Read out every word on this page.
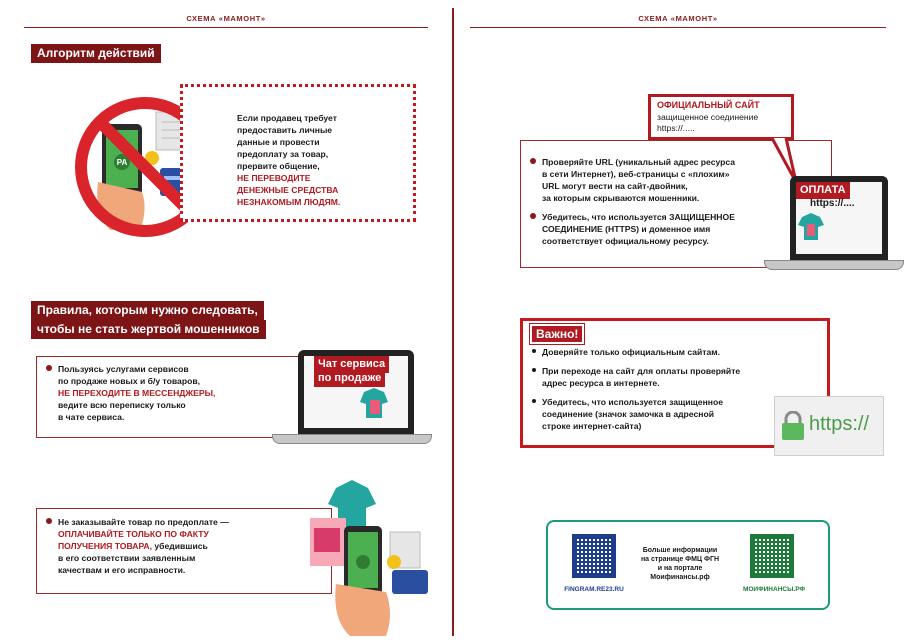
СХЕМА «МАМОНТ»
Алгоритм действий
PA
Если продавец требует
предоставить личные
данные и провести
предоплату за товар,
прервите общение,
НЕ ПЕРЕВОДИТЕ
ДЕНЕЖНЫЕ СРЕДСТВА
НЕЗНАКОМЫМ ЛЮДЯМ.
Правила, которым нужно следовать,
чтобы не стать жертвой мошенников
Пользуясь услугами сервисов
по продаже новых и б/у товаров,
НЕ ПЕРЕХОДИТЕ В МЕССЕНДЖЕРЫ,
ведите всю переписку только
в чате сервиса.
Чат сервиса
по продаже
Не заказывайте товар по предоплате —
ОПЛАЧИВАЙТЕ ТОЛЬКО ПО ФАКТУ
ПОЛУЧЕНИЯ ТОВАРА, убедившись
в его соответствии заявленным
качествам и его исправности.
СХЕМА «МАМОНТ»
Проверяйте URL (уникальный адрес ресурса
в сети Интернет), веб-страницы с «плохим»
URL могут вести на сайт-двойник,
за которым скрываются мошенники.
Убедитесь, что используется ЗАЩИЩЕННОЕ
СОЕДИНЕНИЕ (HTTPS) и доменное имя
соответствует официальному ресурсу.
ОФИЦИАЛЬНЫЙ САЙТ
защищенное соединение
https://.....
ОПЛАТА
https://....
Важно!
Доверяйте только официальным сайтам.
При переходе на сайт для оплаты проверяйте
адрес ресурса в интернете.
Убедитесь, что используется защищенное
соединение (значок замочка в адресной
строке интернет-сайта)	https://
FINGRAM.RE23.RU
Больше информации
на странице ФМЦ ФГН
и на портале
Моифинансы.рф
МОИФИНАНСЫ.РФ
